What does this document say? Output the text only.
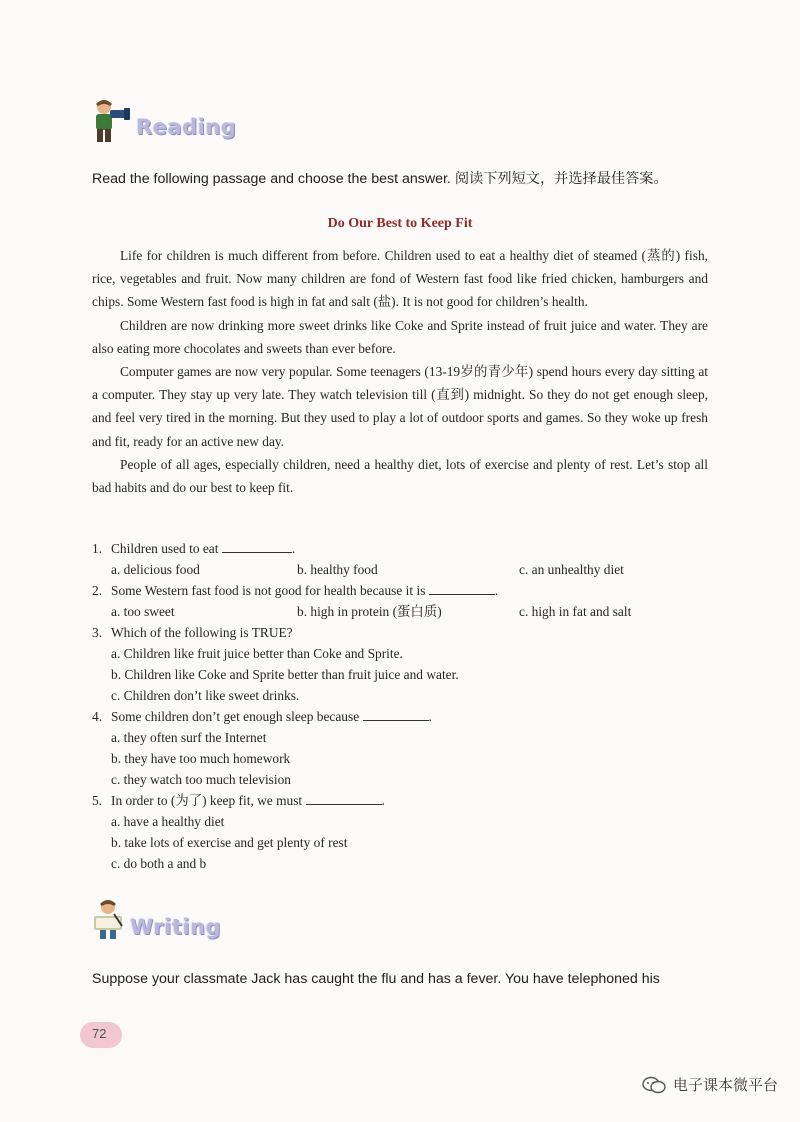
Reading
Read the following passage and choose the best answer. 阅读下列短文，并选择最佳答案。
Do Our Best to Keep Fit

Life for children is much different from before. Children used to eat a healthy diet of steamed (蒸的) fish, rice, vegetables and fruit. Now many children are fond of Western fast food like fried chicken, hamburgers and chips. Some Western fast food is high in fat and salt (盐). It is not good for children’s health.

Children are now drinking more sweet drinks like Coke and Sprite instead of fruit juice and water. They are also eating more chocolates and sweets than ever before.

Computer games are now very popular. Some teenagers (13-19岁的青少年) spend hours every day sitting at a computer. They stay up very late. They watch television till (直到) midnight. So they do not get enough sleep, and feel very tired in the morning. But they used to play a lot of outdoor sports and games. So they woke up fresh and fit, ready for an active new day.

People of all ages, especially children, need a healthy diet, lots of exercise and plenty of rest. Let’s stop all bad habits and do our best to keep fit.

1. Children used to eat	.
a. delicious food	b. healthy food	c. an unhealthy diet
2. Some Western fast food is not good for health because it is	.
a. too sweet	b. high in protein (蛋白质)	c. high in fat and salt
3. Which of the following is TRUE?
a. Children like fruit juice better than Coke and Sprite.
b. Children like Coke and Sprite better than fruit juice and water.
c. Children don’t like sweet drinks.
4. Some children don’t get enough sleep because	.
a. they often surf the Internet
b. they have too much homework
c. they watch too much television
5. In order to (为了) keep fit, we must	.
a. have a healthy diet
b. take lots of exercise and get plenty of rest
c. do both a and b
Writing
Suppose your classmate Jack has caught the flu and has a fever. You have telephoned his
72
电子课本微平台
